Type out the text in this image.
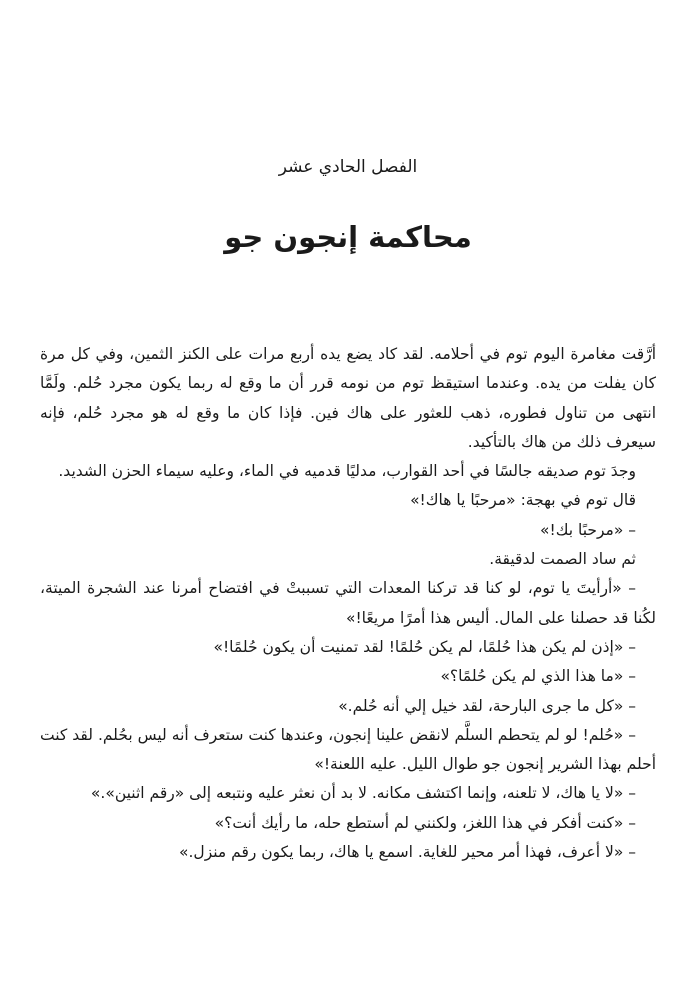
الفصل الحادي عشر
محاكمة إنجون جو

أرَّقت مغامرة اليوم توم في أحلامه. لقد كاد يضع يده أربع مرات على الكنز الثمين، وفي كل مرة كان يفلت من يده. وعندما استيقظ توم من نومه قرر أن ما وقع له ربما يكون مجرد حُلم. ولَمَّا انتهى من تناول فطوره، ذهب للعثور على هاك فين. فإذا كان ما وقع له هو مجرد حُلم، فإنه سيعرف ذلك من هاك بالتأكيد.

وجدَ توم صديقه جالسًا في أحد القوارب، مدليًا قدميه في الماء، وعليه سيماء الحزن الشديد.

قال توم في بهجة: «مرحبًا يا هاك!»

– «مرحبًا بك!»

ثم ساد الصمت لدقيقة.

– «أرأيتَ يا توم، لو كنا قد تركنا المعدات التي تسببتْ في افتضاح أمرنا عند الشجرة الميتة، لكُنا قد حصلنا على المال. أليس هذا أمرًا مريعًا!»

– «إذن لم يكن هذا حُلمًا، لم يكن حُلمًا! لقد تمنيت أن يكون حُلمًا!»

– «ما هذا الذي لم يكن حُلمًا؟»

– «كل ما جرى البارحة، لقد خيل إلي أنه حُلم.»

– «حُلم! لو لم يتحطم السلَّم لانقض علينا إنجون، وعندها كنت ستعرف أنه ليس بحُلم. لقد كنت أحلم بهذا الشرير إنجون جو طوال الليل. عليه اللعنة!»

– «لا يا هاك، لا تلعنه، وإنما اكتشف مكانه. لا بد أن نعثر عليه ونتبعه إلى «رقم اثنين».»

– «كنت أفكر في هذا اللغز، ولكنني لم أستطع حله، ما رأيك أنت؟»

– «لا أعرف، فهذا أمر محير للغاية. اسمع يا هاك، ربما يكون رقم منزل.»
